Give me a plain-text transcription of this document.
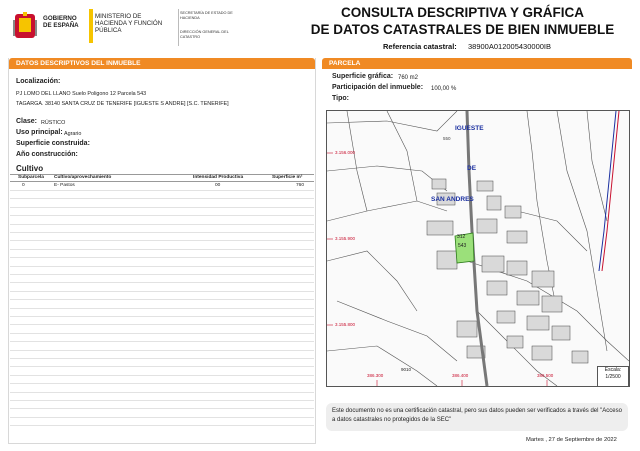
GOBIERNO DE ESPAÑA
MINISTERIO DE HACIENDA Y FUNCIÓN PÚBLICA
SECRETARÍA DE ESTADO DE HACIENDA
DIRECCIÓN GENERAL DEL CATASTRO
CONSULTA DESCRIPTIVA Y GRÁFICA
DE DATOS CATASTRALES DE BIEN INMUEBLE
Referencia catastral: 38900A012005430000IB
DATOS DESCRIPTIVOS DEL INMUEBLE
Localización:
PJ LOMO DEL LLANO Suelo Poligono 12 Parcela 543
TAGARGA. 38140 SANTA CRUZ DE TENERIFE [IGUESTE S ANDRE] [S.C. TENERIFE]
Clase: RÚSTICO
Uso principal: Agrario
Superficie construida:
Año construcción:
Cultivo
Subparcela Cultivo/aprovechamiento	Intensidad Productiva	Superficie m²
0	E- Pastos	00	760
PARCELA
Superficie gráfica: 760 m2
Participación del inmueble: 100,00 %
Tipo:
IGUESTE
DE
SAN ANDRES
312
543
550
3.156.000
3.155.900
3.155.800
386.300	386.400	386.500
9010	Escala:
1/2500
Este documento no es una certificación catastral, pero sus datos pueden ser verificados a través del "Acceso a datos catastrales no protegidos de la SEC"
Martes , 27 de Septiembre de 2022
